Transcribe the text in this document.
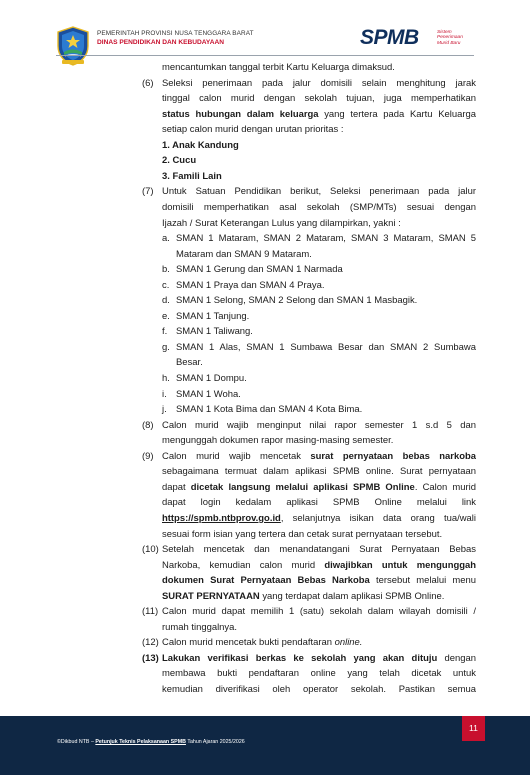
PEMERINTAH PROVINSI NUSA TENGGARA BARAT
DINAS PENDIDIKAN DAN KEBUDAYAAN	SPMB	Sistem
Penerimaan
Murid Baru
mencantumkan tanggal terbit Kartu Keluarga dimaksud.
(6) Seleksi penerimaan pada jalur domisili selain menghitung jarak
tinggal calon murid dengan sekolah tujuan, juga memperhatikan
status hubungan dalam keluarga yang tertera pada Kartu Keluarga
setiap calon murid dengan urutan prioritas :
1. Anak Kandung
2. Cucu
3. Famili Lain
(7) Untuk Satuan Pendidikan berikut, Seleksi penerimaan pada jalur
domisili memperhatikan asal sekolah (SMP/MTs) sesuai dengan
Ijazah / Surat Keterangan Lulus yang dilampirkan, yakni :
a. SMAN 1 Mataram, SMAN 2 Mataram, SMAN 3 Mataram, SMAN 5
Mataram dan SMAN 9 Mataram.
b. SMAN 1 Gerung dan SMAN 1 Narmada
c. SMAN 1 Praya dan SMAN 4 Praya.
d. SMAN 1 Selong, SMAN 2 Selong dan SMAN 1 Masbagik.
e. SMAN 1 Tanjung.
f. SMAN 1 Taliwang.
g. SMAN 1 Alas, SMAN 1 Sumbawa Besar dan SMAN 2 Sumbawa
Besar.
h. SMAN 1 Dompu.
i. SMAN 1 Woha.
j. SMAN 1 Kota Bima dan SMAN 4 Kota Bima.
(8) Calon murid wajib menginput nilai rapor semester 1 s.d 5 dan
mengunggah dokumen rapor masing-masing semester.
(9) Calon murid wajib mencetak surat pernyataan bebas narkoba
sebagaimana termuat dalam aplikasi SPMB online. Surat pernyataan
dapat dicetak langsung melalui aplikasi SPMB Online. Calon murid
dapat login kedalam aplikasi SPMB Online melalui link
https://spmb.ntbprov.go.id, selanjutnya isikan data orang tua/wali
sesuai form isian yang tertera dan cetak surat pernyataan tersebut.
(10) Setelah mencetak dan menandatangani Surat Pernyataan Bebas
Narkoba, kemudian calon murid diwajibkan untuk mengunggah
dokumen Surat Pernyataan Bebas Narkoba tersebut melalui menu
SURAT PERNYATAAN yang terdapat dalam aplikasi SPMB Online.
(11) Calon murid dapat memilih 1 (satu) sekolah dalam wilayah domisili /
rumah tinggalnya.
(12) Calon murid mencetak bukti pendaftaran online.
(13) Lakukan verifikasi berkas ke sekolah yang akan dituju dengan
membawa bukti pendaftaran online yang telah dicetak untuk
kemudian diverifikasi oleh operator sekolah. Pastikan semua
©Dikbud NTB – Petunjuk Teknis Pelaksanaan SPMB Tahun Ajaran 2025/2026
11
